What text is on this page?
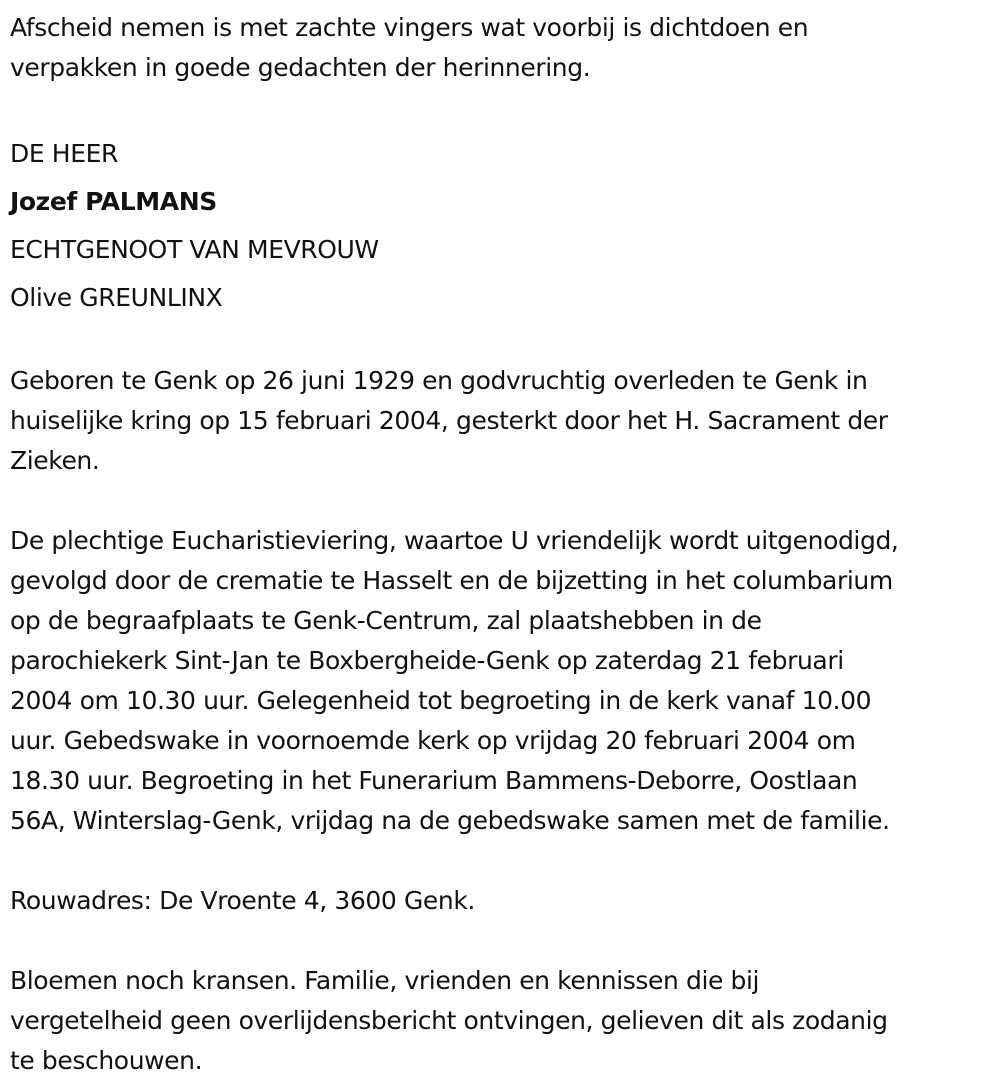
Afscheid nemen is met zachte vingers wat voorbij is dichtdoen en
verpakken in goede gedachten der herinnering.
DE HEER
Jozef PALMANS
ECHTGENOOT VAN MEVROUW
Olive GREUNLINX
Geboren te Genk op 26 juni 1929 en godvruchtig overleden te Genk in
huiselijke kring op 15 februari 2004, gesterkt door het H. Sacrament der
Zieken.
De plechtige Eucharistieviering, waartoe U vriendelijk wordt uitgenodigd,
gevolgd door de crematie te Hasselt en de bijzetting in het columbarium
op de begraafplaats te Genk-Centrum, zal plaatshebben in de
parochiekerk Sint-Jan te Boxbergheide-Genk op zaterdag 21 februari
2004 om 10.30 uur. Gelegenheid tot begroeting in de kerk vanaf 10.00
uur. Gebedswake in voornoemde kerk op vrijdag 20 februari 2004 om
18.30 uur. Begroeting in het Funerarium Bammens-Deborre, Oostlaan
56A, Winterslag-Genk, vrijdag na de gebedswake samen met de familie.
Rouwadres: De Vroente 4, 3600 Genk.
Bloemen noch kransen. Familie, vrienden en kennissen die bij
vergetelheid geen overlijdensbericht ontvingen, gelieven dit als zodanig
te beschouwen.
